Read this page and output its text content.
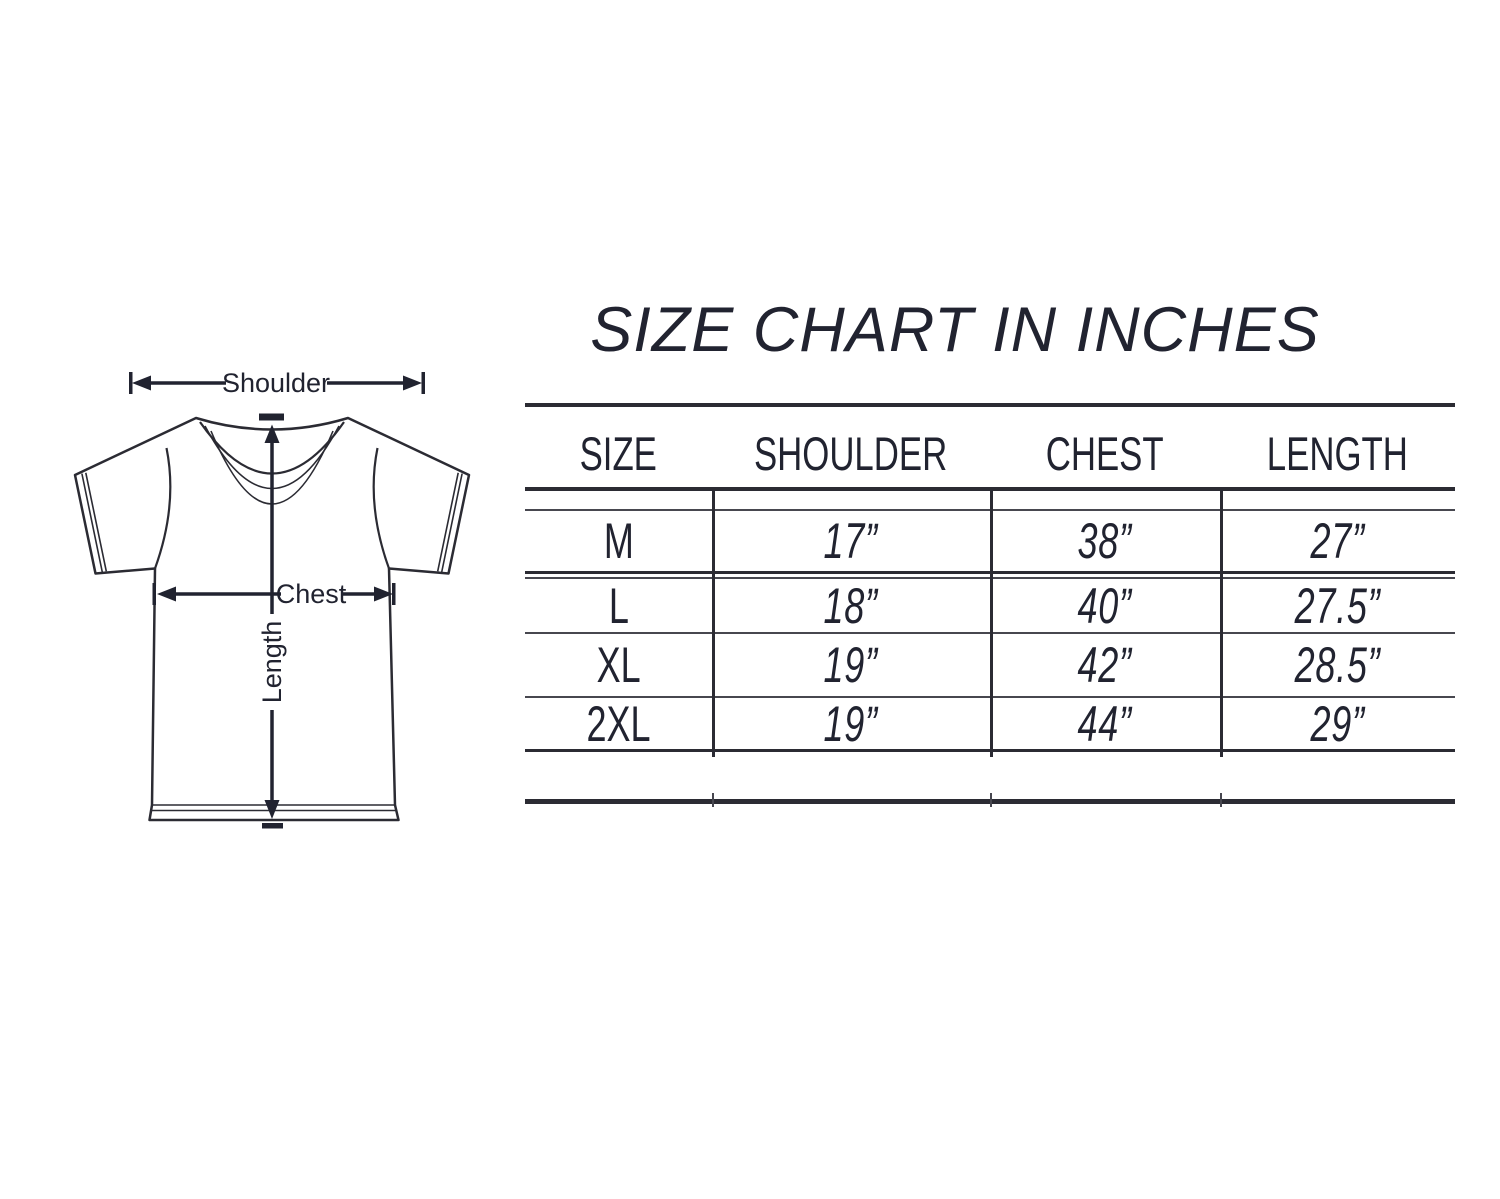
SIZE CHART IN INCHES
Shoulder
Chest
Length
SIZE SHOULDER CHEST LENGTH
M	17”	38”	27”
L	18”	40”	27.5”
XL	19”	42”	28.5”
2XL	19”	44”	29”
